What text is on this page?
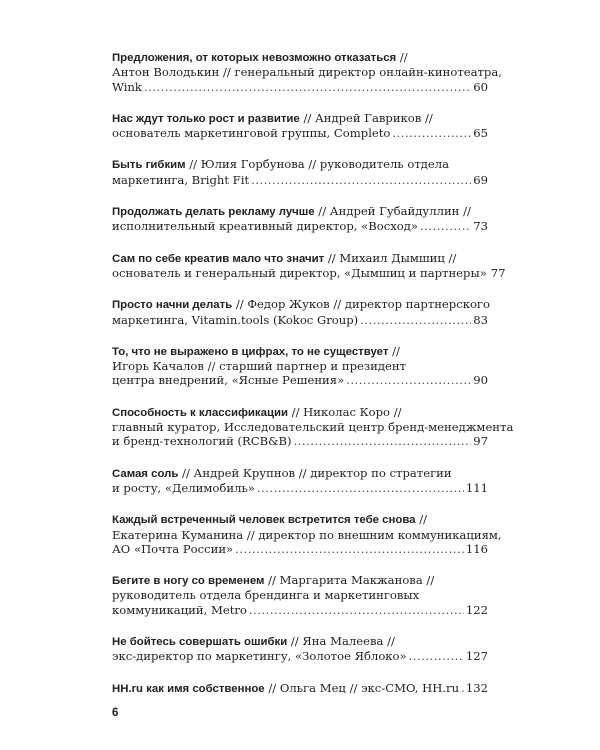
Предложения, от которых невозможно отказаться //
Антон Володькин // генеральный директор онлайн-кинотеатра,
Wink .....	60
Нас ждут только рост и развитие // Андрей Гавриков //
основатель маркетинговой группы, Completo .....	65
Быть гибким // Юлия Горбунова // руководитель отдела
маркетинга, Bright Fit .....	69
Продолжать делать рекламу лучше // Андрей Губайдуллин //
исполнительный креативный директор, «Восход» .....	73
Сам по себе креатив мало что значит // Михаил Дымшиц //
основатель и генеральный директор, «Дымшиц и партнеры» 77
Просто начни делать // Федор Жуков // директор партнерского
маркетинга, Vitamin.tools (Kokoc Group) .....	83
То, что не выражено в цифрах, то не существует //
Игорь Качалов // старший партнер и президент
центра внедрений, «Ясные Решения» .....	90
Способность к классификации // Николас Коро //
главный куратор, Исследовательский центр бренд-менеджмента
и бренд-технологий (RCB&B) .....	97
Самая соль // Андрей Крупнов // директор по стратегии
и росту, «Делимобиль» .....	111
Каждый встреченный человек встретится тебе снова //
Екатерина Куманина // директор по внешним коммуникациям,
АО «Почта России» .....	116
Бегите в ногу со временем // Маргарита Макжанова //
руководитель отдела брендинга и маркетинговых
коммуникаций, Metro .....	122
Не бойтесь совершать ошибки // Яна Малеева //
экс-директор по маркетингу, «Золотое Яблоко» .....	127
HH.ru как имя собственное // Ольга Мец // экс-CMO, HH.ru ..... 132
6
